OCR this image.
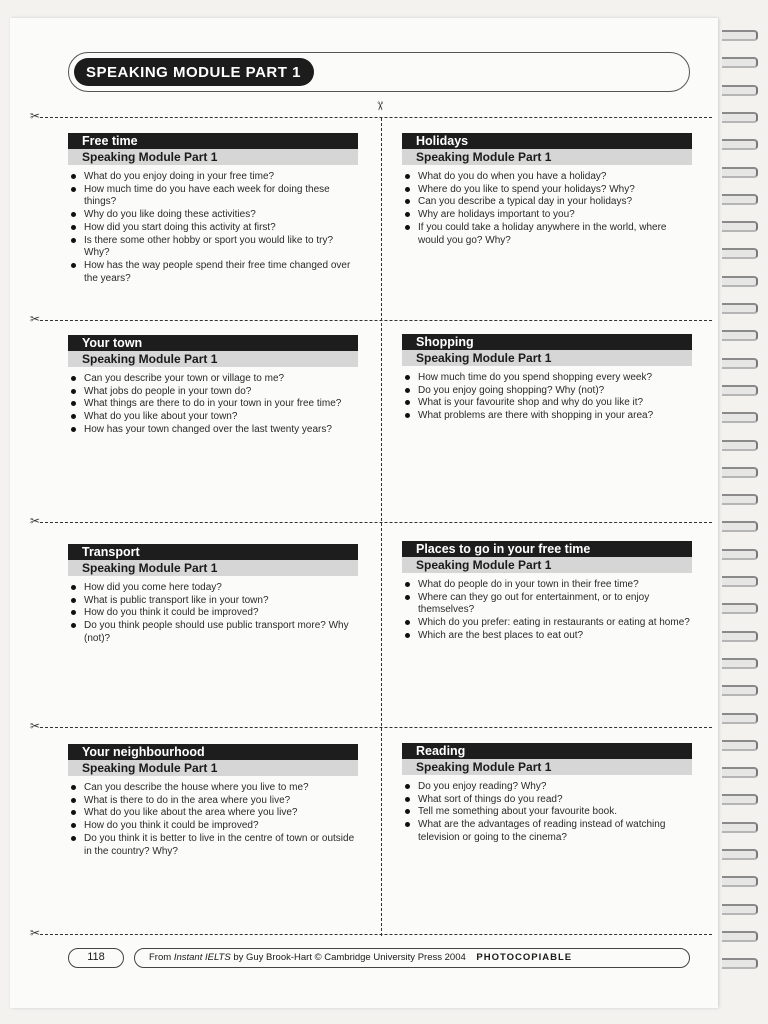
SPEAKING MODULE PART 1
✂
✂
✂
✂
✂
✂
Free time
Speaking Module Part 1
What do you enjoy doing in your free time?
How much time do you have each week for doing these things?
Why do you like doing these activities?
How did you start doing this activity at first?
Is there some other hobby or sport you would like to try? Why?
How has the way people spend their free time changed over the years?
Holidays
Speaking Module Part 1
What do you do when you have a holiday?
Where do you like to spend your holidays? Why?
Can you describe a typical day in your holidays?
Why are holidays important to you?
If you could take a holiday anywhere in the world, where would you go? Why?
Your town
Speaking Module Part 1
Can you describe your town or village to me?
What jobs do people in your town do?
What things are there to do in your town in your free time?
What do you like about your town?
How has your town changed over the last twenty years?
Shopping
Speaking Module Part 1
How much time do you spend shopping every week?
Do you enjoy going shopping? Why (not)?
What is your favourite shop and why do you like it?
What problems are there with shopping in your area?
Transport
Speaking Module Part 1
How did you come here today?
What is public transport like in your town?
How do you think it could be improved?
Do you think people should use public transport more? Why (not)?
Places to go in your free time
Speaking Module Part 1
What do people do in your town in their free time?
Where can they go out for entertainment, or to enjoy themselves?
Which do you prefer: eating in restaurants or eating at home?
Which are the best places to eat out?
Your neighbourhood
Speaking Module Part 1
Can you describe the house where you live to me?
What is there to do in the area where you live?
What do you like about the area where you live?
How do you think it could be improved?
Do you think it is better to live in the centre of town or outside in the country? Why?
Reading
Speaking Module Part 1
Do you enjoy reading? Why?
What sort of things do you read?
Tell me something about your favourite book.
What are the advantages of reading instead of watching television or going to the cinema?
118	From Instant IELTS by Guy Brook-Hart © Cambridge University Press 2004 PHOTOCOPIABLE
